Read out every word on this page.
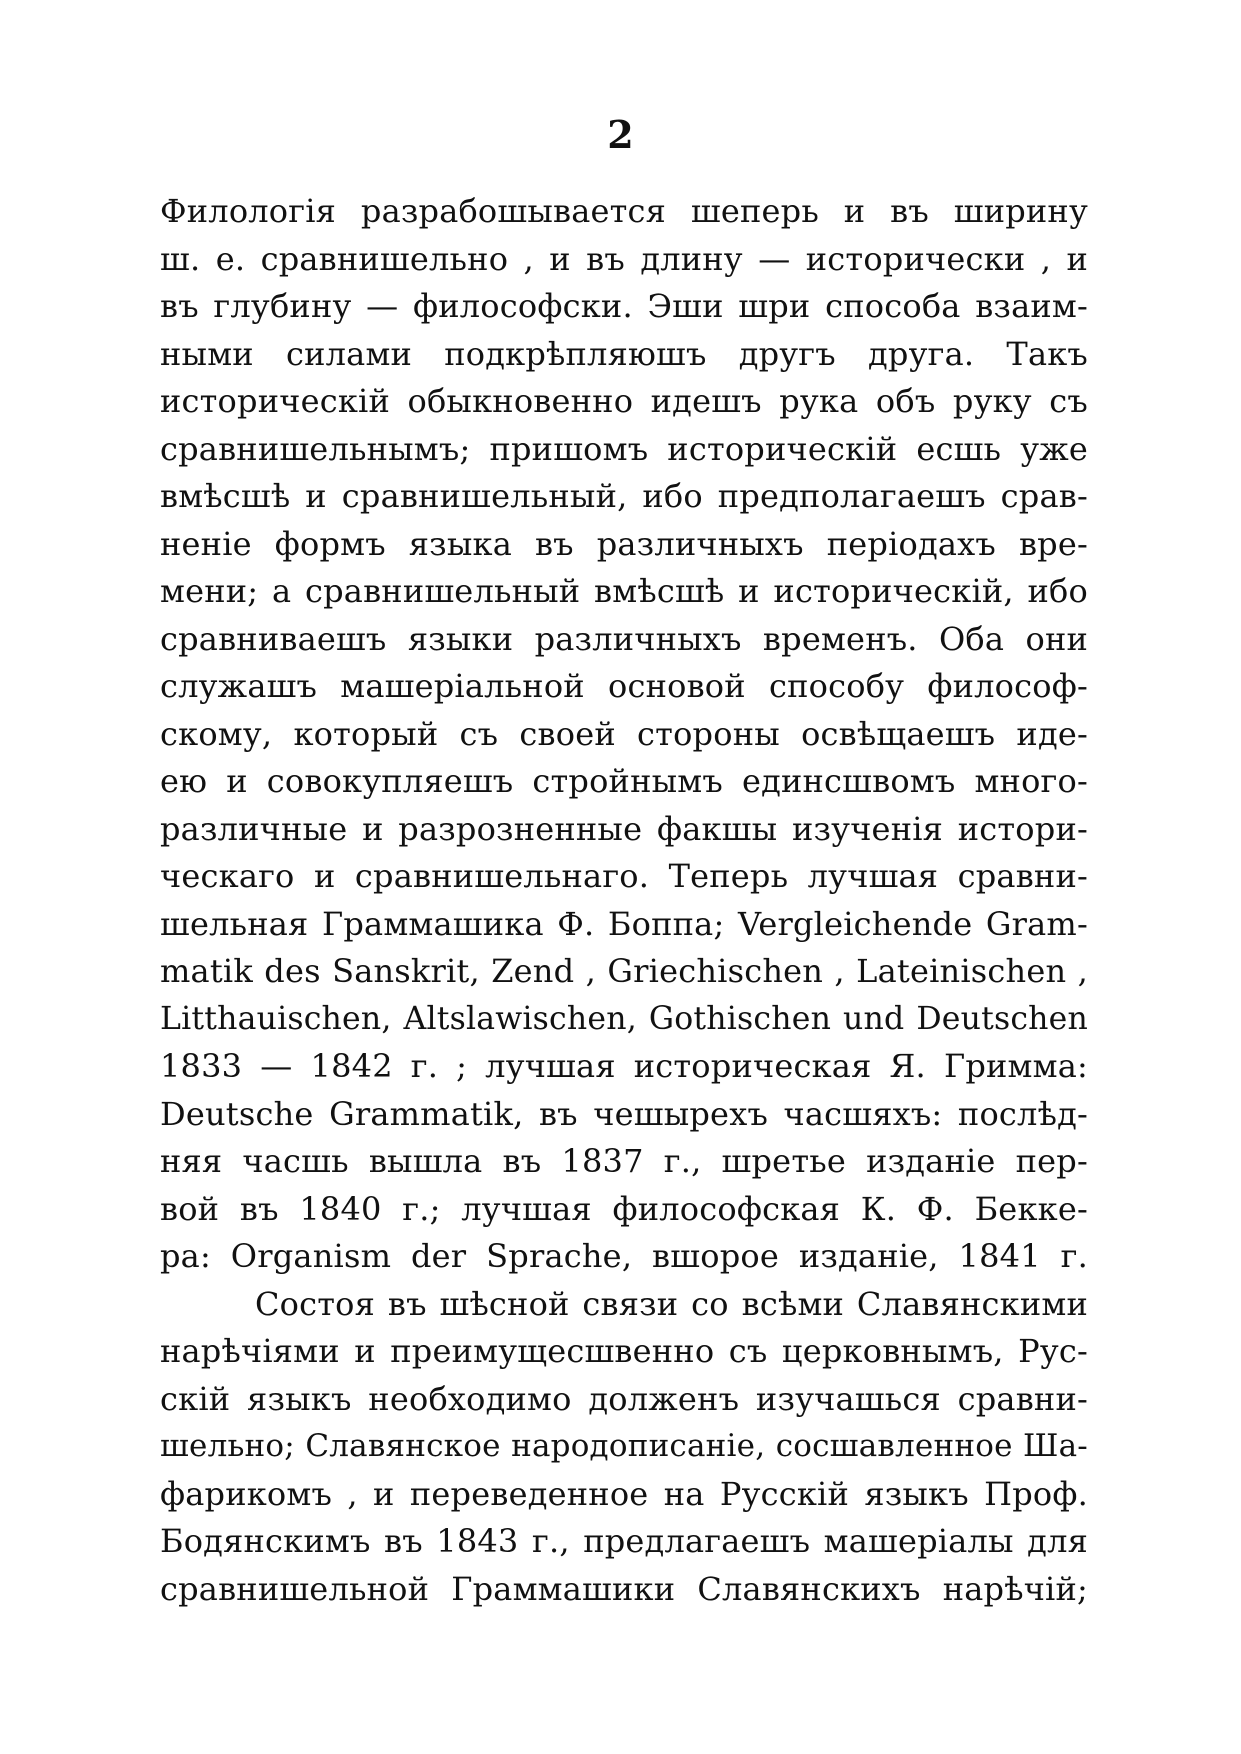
2
Филологія разрабошывается шеперь и въ ширину
ш. е. сравнишельно , и въ длину — исторически , и
въ глубину — философски. Эши шри способа взаим-
ными силами подкрѣпляюшъ другъ друга. Такъ
историческій обыкновенно идешъ рука объ руку съ
сравнишельнымъ; пришомъ историческій есшь уже
вмѣсшѣ и сравнишельный, ибо предполагаешъ срав-
неніе формъ языка въ различныхъ періодахъ вре-
мени; а сравнишельный вмѣсшѣ и историческій, ибо
сравниваешъ языки различныхъ временъ. Оба они
служашъ машеріальной основой способу философ-
скому, который съ своей стороны освѣщаешъ иде-
ею и совокупляешъ стройнымъ единсшвомъ много-
различные и разрозненные факшы изученія истори-
ческаго и сравнишельнаго. Теперь лучшая сравни-
шельная Граммашика Ф. Боппа; Vergleichende Gram-
matik des Sanskrit, Zend , Griechischen , Lateinischen ,
Litthauischen, Altslawischen, Gothischen und Deutschen
1833 — 1842 г. ; лучшая историческая Я. Гримма:
Deutsche Grammatik, въ чешырехъ часшяхъ: послѣд-
няя часшь вышла въ 1837 г., шретье изданіе пер-
вой въ 1840 г.; лучшая философская К. Ф. Беккe-
ра: Organism der Sprache, вшорое изданіе, 1841 г.
Состоя въ шѣсной связи со всѣми Славянскими
нарѣчіями и преимущесшвенно съ церковнымъ, Рус-
скій языкъ необходимо долженъ изучашься сравни-
шельно; Славянское народописаніе, сосшавленное Ша-
фарикомъ , и переведенное на Русскій языкъ Проф.
Бодянскимъ въ 1843 г., предлагаешъ машеріалы для
сравнишельной Граммашики Славянскихъ нарѣчій;
